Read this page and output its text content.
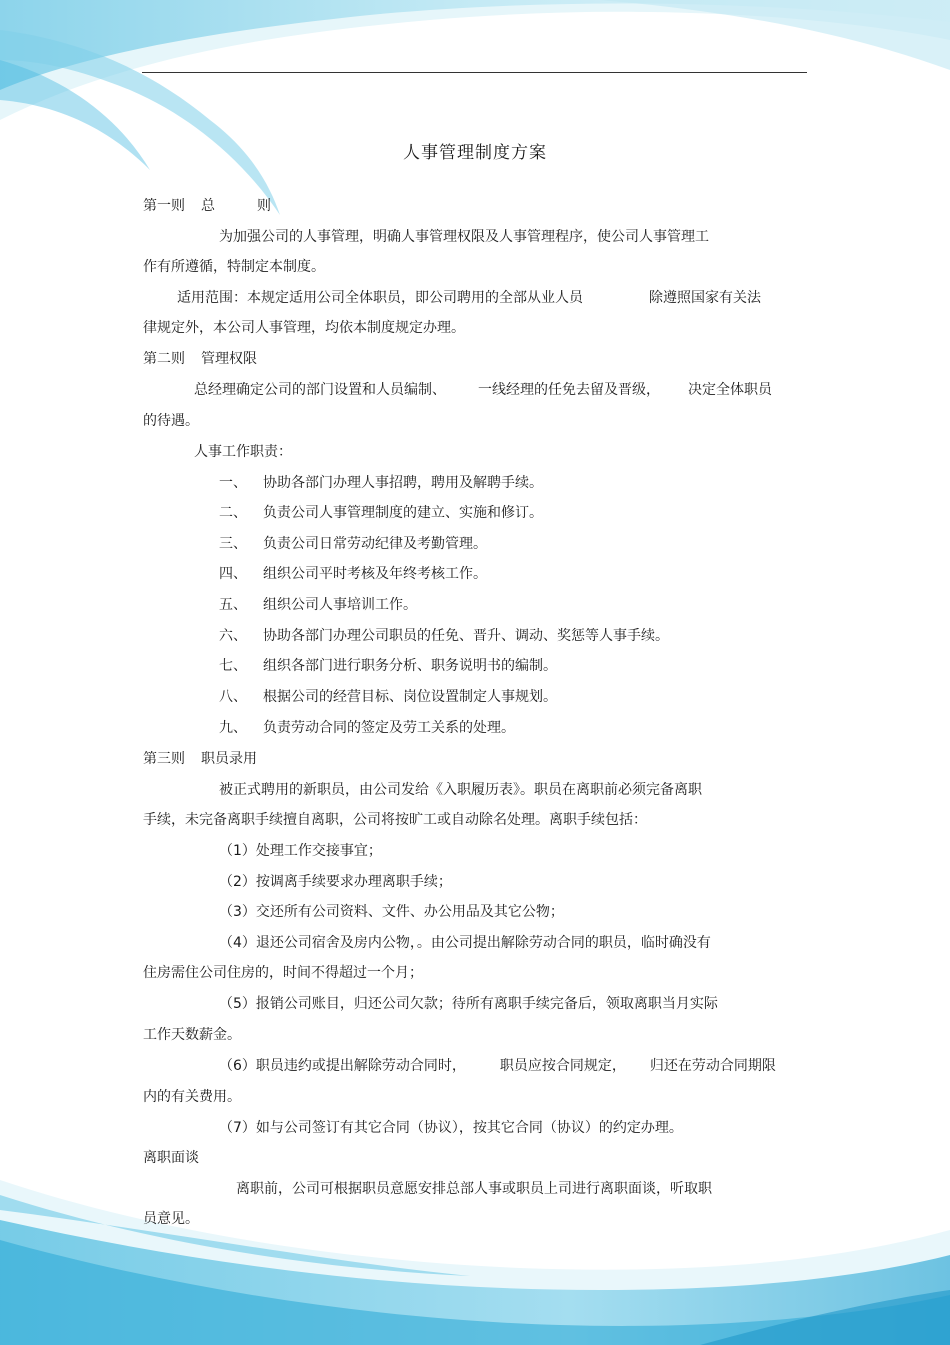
人事管理制度方案
第一则 总	则
为加强公司的人事管理，明确人事管理权限及人事管理程序，使公司人事管理工
作有所遵循，特制定本制度。
适用范围：本规定适用公司全体职员，即公司聘用的全部从业人员	除遵照国家有关法
律规定外，本公司人事管理，均依本制度规定办理。
第二则 管理权限
总经理确定公司的部门设置和人员编制、 一线经理的任免去留及晋级， 决定全体职员
的待遇。
人事工作职责：
一、 协助各部门办理人事招聘，聘用及解聘手续。
二、 负责公司人事管理制度的建立、实施和修订。
三、 负责公司日常劳动纪律及考勤管理。
四、 组织公司平时考核及年终考核工作。
五、 组织公司人事培训工作。
六、 协助各部门办理公司职员的任免、晋升、调动、奖惩等人事手续。
七、 组织各部门进行职务分析、职务说明书的编制。
八、 根据公司的经营目标、岗位设置制定人事规划。
九、 负责劳动合同的签定及劳工关系的处理。
第三则 职员录用
被正式聘用的新职员，由公司发给《入职履历表》。职员在离职前必须完备离职
手续，未完备离职手续擅自离职，公司将按旷工或自动除名处理。离职手续包括：
（1）处理工作交接事宜；
（2）按调离手续要求办理离职手续；
（3）交还所有公司资料、文件、办公用品及其它公物；
（4）退还公司宿舍及房内公物，。由公司提出解除劳动合同的职员，临时确没有
住房需住公司住房的，时间不得超过一个月；
（5）报销公司账目，归还公司欠款；待所有离职手续完备后，领取离职当月实际
工作天数薪金。
（6）职员违约或提出解除劳动合同时， 职员应按合同规定， 归还在劳动合同期限
内的有关费用。
（7）如与公司签订有其它合同（协议），按其它合同（协议）的约定办理。
离职面谈
离职前，公司可根据职员意愿安排总部人事或职员上司进行离职面谈，听取职
员意见。
